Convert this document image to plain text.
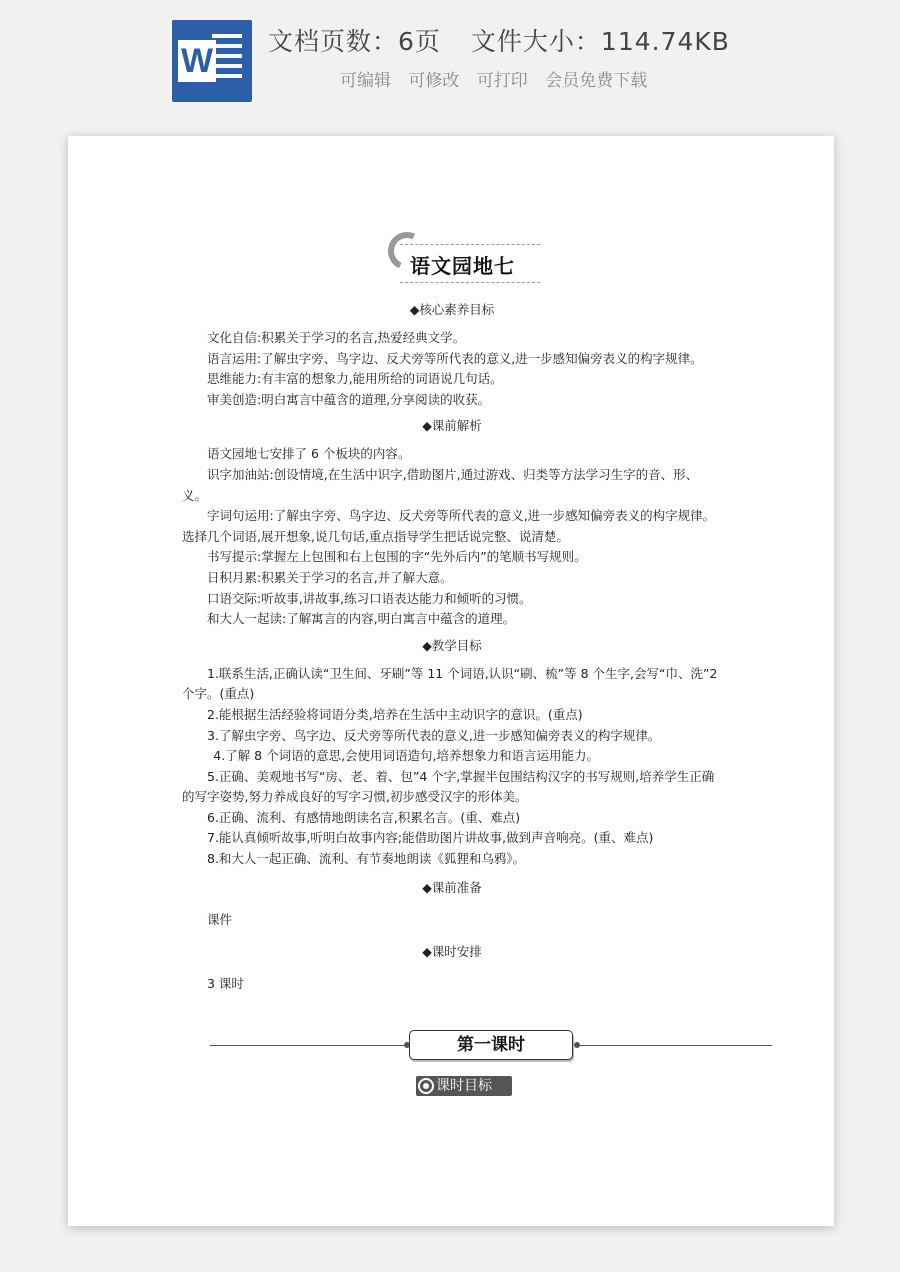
W
文档页数：6页 文件大小：114.74KB
可编辑 可修改 可打印 会员免费下载
语文园地七
◆核心素养目标

文化自信:积累关于学习的名言,热爱经典文学。

语言运用:了解虫字旁、鸟字边、反犬旁等所代表的意义,进一步感知偏旁表义的构字规律。

思维能力:有丰富的想象力,能用所给的词语说几句话。

审美创造:明白寓言中蕴含的道理,分享阅读的收获。

◆课前解析

语文园地七安排了 6 个板块的内容。

识字加油站:创设情境,在生活中识字,借助图片,通过游戏、归类等方法学习生字的音、形、义。

字词句运用:了解虫字旁、鸟字边、反犬旁等所代表的意义,进一步感知偏旁表义的构字规律。选择几个词语,展开想象,说几句话,重点指导学生把话说完整、说清楚。

书写提示:掌握左上包围和右上包围的字“先外后内”的笔顺书写规则。

日积月累:积累关于学习的名言,并了解大意。

口语交际:听故事,讲故事,练习口语表达能力和倾听的习惯。

和大人一起读:了解寓言的内容,明白寓言中蕴含的道理。

◆教学目标

1.联系生活,正确认读“卫生间、牙刷”等 11 个词语,认识“刷、梳”等 8 个生字,会写“巾、洗”2 个字。(重点)

2.能根据生活经验将词语分类,培养在生活中主动识字的意识。(重点)

3.了解虫字旁、鸟字边、反犬旁等所代表的意义,进一步感知偏旁表义的构字规律。

4.了解 8 个词语的意思,会使用词语造句,培养想象力和语言运用能力。

5.正确、美观地书写“房、老、着、包”4 个字,掌握半包围结构汉字的书写规则,培养学生正确的写字姿势,努力养成良好的写字习惯,初步感受汉字的形体美。

6.正确、流利、有感情地朗读名言,积累名言。(重、难点)

7.能认真倾听故事,听明白故事内容;能借助图片讲故事,做到声音响亮。(重、难点)

8.和大人一起正确、流利、有节奏地朗读《狐狸和乌鸦》。

◆课前准备

课件

◆课时安排

3 课时

第一课时
课时目标
